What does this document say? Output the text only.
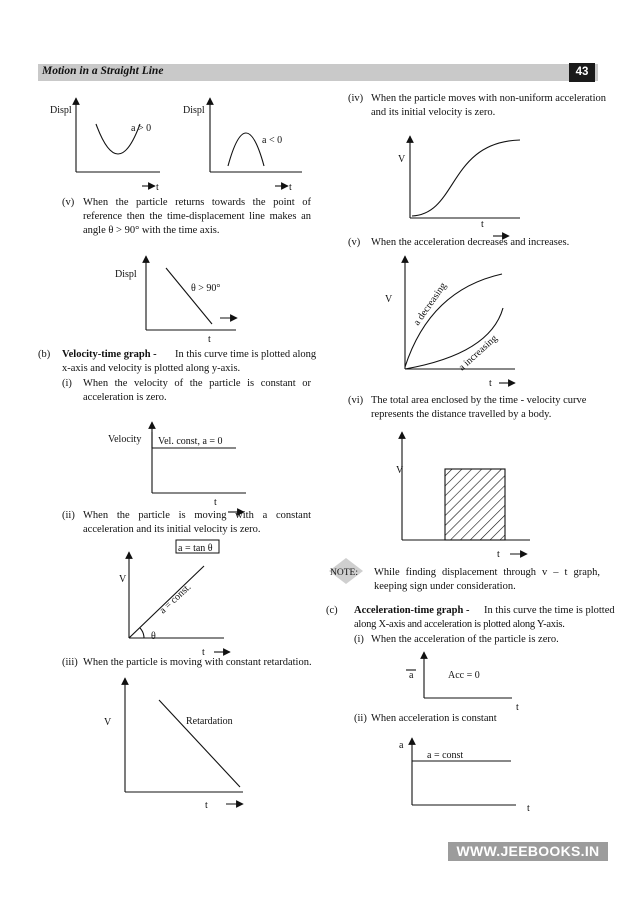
Motion in a Straight Line	43
Displ
a > 0
t
Displ
a < 0
t
Displ
θ > 90°
t
Velocity Vel. const, a = 0
t
a = tan θ
V
a = const.
θ
t
V	Retardation
t
V
t
V a decreasing
a increasing
t
V
t
a	Acc = 0
t
a
a = const
t
NOTE:
(v) When the particle returns towards the point of
reference then the time-displacement line makes an
angle θ > 90° with the time axis.
(b) Velocity-time graph - In this curve time is plotted along
x-axis and velocity is plotted along y-axis.
(i) When the velocity of the particle is constant or
acceleration is zero.
(ii) When the particle is moving with a constant
acceleration and its initial velocity is zero.
(iii) When the particle is moving with constant retardation.
(iv) When the particle moves with non-uniform acceleration
and its initial velocity is zero.
(v) When the acceleration decreases and increases.
(vi) The total area enclosed by the time - velocity curve
represents the distance travelled by a body.
While finding displacement through v – t graph,
keeping sign under consideration.
(c) Acceleration-time graph - In this curve the time is plotted
along X-axis and acceleration is plotted along Y-axis.
(i) When the acceleration of the particle is zero.
(ii) When acceleration is constant
WWW.JEEBOOKS.IN
